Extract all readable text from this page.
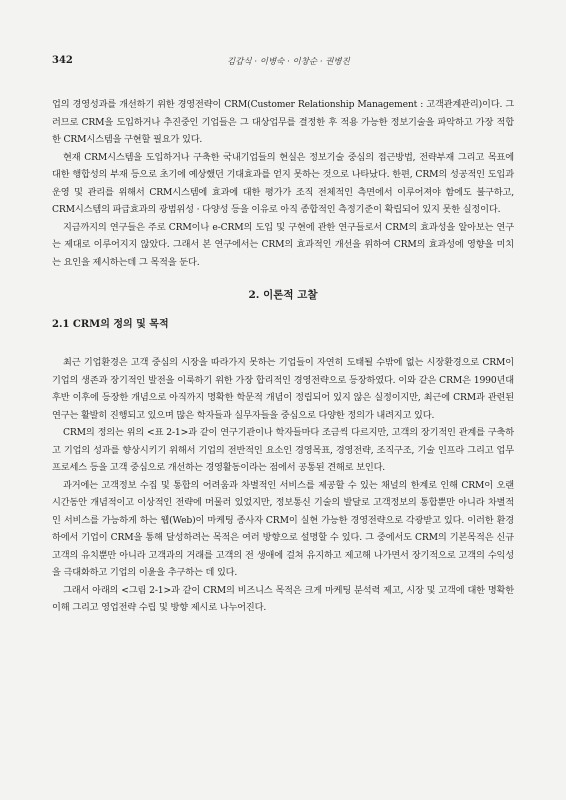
342	김갑식 · 이병숙 · 이창순 · 권병진

업의 경영성과를 개선하기 위한 경영전략이 CRM(Customer Relationship Management : 고객관계관리)이다. 그러므로 CRM을 도입하거나 추진중인 기업들은 그 대상업무를 결정한 후 적용 가능한 정보기술을 파악하고 가장 적합한 CRM시스템을 구현할 필요가 있다.

현재 CRM시스템을 도입하거나 구축한 국내기업들의 현실은 정보기술 중심의 접근방법, 전략부재 그리고 목표에 대한 행합성의 부재 등으로 초기에 예상했던 기대효과를 얻지 못하는 것으로 나타났다. 한편, CRM의 성공적인 도입과 운영 및 관리를 위해서 CRM시스템에 효과에 대한 평가가 조직 전체적인 측면에서 이루어져야 함에도 불구하고, CRM시스템의 파급효과의 광범위성 · 다양성 등을 이유로 아직 종합적인 측정기준이 확립되어 있지 못한 실정이다.

지금까지의 연구들은 주로 CRM이나 e-CRM의 도입 및 구현에 관한 연구들로서 CRM의 효과성을 알아보는 연구는 제대로 이루어지지 않았다. 그래서 본 연구에서는 CRM의 효과적인 개선을 위하여 CRM의 효과성에 영향을 미치는 요인을 제시하는데 그 목적을 둔다.

2. 이론적 고찰
2.1 CRM의 정의 및 목적

최근 기업환경은 고객 중심의 시장을 따라가지 못하는 기업들이 자연히 도태될 수밖에 없는 시장환경으로 CRM이 기업의 생존과 장기적인 발전을 이룩하기 위한 가장 합리적인 경영전략으로 등장하였다. 이와 같은 CRM은 1990년대 후반 이후에 등장한 개념으로 아직까지 명확한 학문적 개념이 정립되어 있지 않은 실정이지만, 최근에 CRM과 관련된 연구는 활발히 진행되고 있으며 많은 학자들과 실무자들을 중심으로 다양한 정의가 내려지고 있다.

CRM의 정의는 위의 <표 2-1>과 같이 연구기관이나 학자들마다 조금씩 다르지만, 고객의 장기적인 관계를 구축하고 기업의 성과를 향상시키기 위해서 기업의 전반적인 요소인 경영목표, 경영전략, 조직구조, 기술 인프라 그리고 업무 프로세스 등을 고객 중심으로 개선하는 경영활동이라는 점에서 공통된 견해로 보인다.

과거에는 고객정보 수집 및 통합의 어려움과 차별적인 서비스를 제공할 수 있는 채널의 한계로 인해 CRM이 오랜 시간동안 개념적이고 이상적인 전략에 머물러 있었지만, 정보통신 기술의 발달로 고객정보의 통합뿐만 아니라 차별적인 서비스를 가능하게 하는 웹(Web)이 마케팅 종사자 CRM이 실현 가능한 경영전략으로 각광받고 있다. 이러한 환경 하에서 기업이 CRM을 통해 달성하려는 목적은 여러 방향으로 설명할 수 있다. 그 중에서도 CRM의 기본목적은 신규 고객의 유치뿐만 아니라 고객과의 거래를 고객의 전 생애에 걸쳐 유지하고 제고해 나가면서 장기적으로 고객의 수익성을 극대화하고 기업의 이윤을 추구하는 데 있다.

그래서 아래의 <그림 2-1>과 같이 CRM의 비즈니스 목적은 크게 마케팅 분석력 제고, 시장 및 고객에 대한 명확한 이해 그리고 영업전략 수립 및 방향 제시로 나누어진다.
